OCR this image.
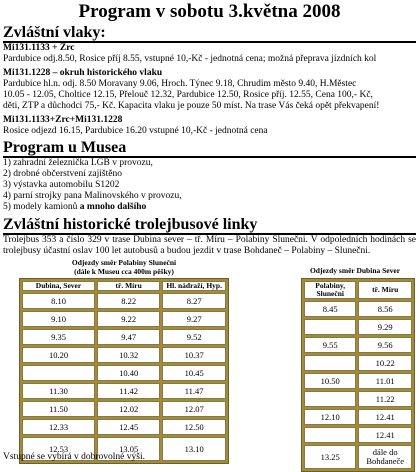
Program v sobotu 3.května 2008
Zvláštní vlaky:
Mi131.1133 + Zrc
Pardubice odj.8.50, Rosice příj 8.55, vstupné 10,-Kč - jednotná cena; možná přeprava jízdních kol
Mi131.1228 – okruh historického vlaku
Pardubice hl.n. odj. 8.50 Moravany 9.06, Hroch. Týnec 9.18, Chrudim město 9.40, H.Městec
10.05 - 12.05, Choltice 12.15, Přelouč 12.32, Pardubice 12.50, Rosice příj. 12.55, Cena 100,- Kč,
děti, ZTP a důchodci 75,- Kč. Kapacita vlaku je pouze 50 míst. Na trase Vás čeká opět překvapení!
Mi131.1133+Zrc+Mi131.1228
Rosice odjezd 16.15, Pardubice 16.20 vstupné 10,-Kč - jednotná cena
Program u Musea
1) zahradní železnička LGB v provozu,
2) drobné občerstvení zajištěno
3) výstavka automobilu Š1202
4) parní strojky pana Malinovského v provozu,
5) modely kamionů a mnoho dalšího
Zvláštní historické trolejbusové linky
Trolejbus 353 a číslo 329 v trase Dubina sever – tř. Míru – Polabiny Slunečni. V odpoledních hodinách se trolejbusy účastní oslav 100 let autobusů a budou jezdit v trase Bohdaneč – Polabiny – Slunečni.
Odjezdy směr Polabiny Slunečni
(dále k Museu cca 400m pěšky)
Dubina, Sever	tř. Míru	Hl. nádraží, Hyp.
8.10	8.22	8.27
9.10	9.22	9.27
9.35	9.47	9.52
10.20	10.32	10.37
	10.40	10.45
11.30	11.42	11.47
11.50	12.02	12.07
12.33	12.45	12.50
12.53	13.05	13.10
Odjezdy směr Dubina Sever
Polabiny, Slunečni	tř. Míru
8.45	8.56
	9.29
9.55	9.56
	10.22
10.50	11.01
	11.22
12.10	12.41
	12.41
13.25	dále do Bohdaneče
Vstupné se vybírá v dobrovolné výši.
